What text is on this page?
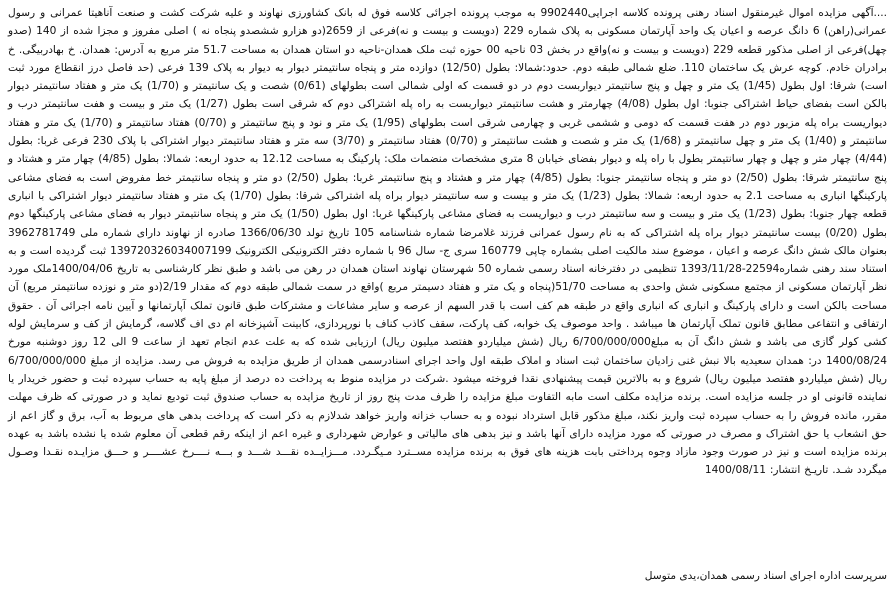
....آگهی مزایده اموال غیرمنقول اسناد رهنی پرونده کلاسه اجرایی9902440 به موجب پرونده اجرائی کلاسه فوق له بانک کشاورزی نهاوند و علیه شرکت کشت و صنعت آناهیتا عمرانی و رسول عمرانی(راهن) 6 دانگ عرصه و اعیان یک واحد آپارتمان مسکونی به پلاک شماره 229 (دویست و بیست و نه)فرعی از 2659(دو هزارو ششصدو پنجاه نه ) اصلی مفروز و مجزا شده از 140 (صدو چهل)فرعی از اصلی مذکور قطعه 229 (دویست و بیست و نه)واقع در بخش 03 ناحیه 00 حوزه ثبت ملک همدان-ناحیه دو استان همدان به مساحت 51.7 متر مربع به آدرس: همدان. خ بهادربیگی. خ برادران خادم. کوچه عرش یک ساختمان 110. ضلع شمالی طبقه دوم. حدود:شمالا: بطول (12/50) دوازده متر و پنجاه سانتیمتر دیوار به دیوار به پلاک 139 فرعی (حد فاصل درز انقطاع مورد ثبت است) شرقا: اول بطول (1/45) یک متر و چهل و پنج سانتیمتر دیواربست دوم در دو قسمت که اولی شمالی است بطولهای (0/61) شصت و یک سانتیمتر و (1/70) یک متر و هفتاد سانتیمتر دیوار بالکن است بفضای حیاط اشتراکی جنوبا: اول بطول (4/08) چهارمتر و هشت سانتیمتر دیواربست به راه پله اشتراکی دوم که شرقی است بطول (1/27) یک متر و بیست و هفت سانتیمتر درب و دیواریست براه پله مزبور دوم در هفت قسمت که دومی و ششمی غربی و چهارمی شرقی است بطولهای (1/95) یک متر و نود و پنج سانتیمتر و (0/70) هفتاد سانتیمتر و (1/70) یک متر و هفتاد سانتیمتر و (1/40) یک متر و چهل سانتیمتر و (1/68) یک متر و شصت و هشت سانتیمتر و (0/70) هفتاد سانتیمتر و (3/70) سه متر و هفتاد سانتیمتر دیوار اشتراکی با پلاک 230 فرعی غربا: بطول (4/44) چهار متر و چهل و چهار سانتیمتر بطول با راه پله و دیوار بفضای خیابان 8 متری مشخصات منضمات ملک: پارکینگ به مساحت 12.12 به حدود اربعه: شمالا: بطول (4/85) چهار متر و هشتاد و پنج سانتیمتر شرقا: بطول (2/50) دو متر و پنجاه سانتیمتر جنوبا: بطول (4/85) چهار متر و هشتاد و پنج سانتیمتر غربا: بطول (2/50) دو متر و پنجاه سانتیمتر خط مفروض است به فضای مشاعی پارکینگها انباری به مساحت 2.1 به حدود اربعه: شمالا: بطول (1/23) یک متر و بیست و سه سانتیمتر دیوار براه پله اشتراکی شرقا: بطول (1/70) یک متر و هفتاد سانتیمتر دیوار اشتراکی با انباری قطعه چهار جنوبا: بطول (1/23) یک متر و بیست و سه سانتیمتر درب و دیواریست به فضای مشاعی پارکینگها غربا: اول بطول (1/50) یک متر و پنجاه سانتیمتر دیوار به فضای مشاعی پارکینگها دوم بطول (0/20) بیست سانتیمتر دیوار براه پله اشتراکی که به نام رسول عمرانی فرزند غلامرضا شماره شناسنامه 105 تاریخ تولد 1366/06/30 صادره از نهاوند دارای شماره ملی 3962781749 بعنوان مالک شش دانگ عرصه و اعیان ، موضوع سند مالکیت اصلی بشماره چاپی 160779 سری ج- سال 96 با شماره دفتر الکترونیکی الکترونیک 139720326034007199 ثبت گردیده است و به استناد سند رهنی شماره22594-1393/11/28 تنظیمی در دفترخانه اسناد رسمی شماره 50 شهرستان نهاوند استان همدان در رهن می باشد و طبق نظر کارشناسی به تاریخ 1400/04/06ملک مورد نظر آپارتمان مسکونی از مجتمع مسکونی شش واحدی به مساحت 51/70(پنجاه و یک متر و هفتاد دسیمتر مربع )واقع در سمت شمالی طبقه دوم که مقدار 2/19(دو متر و نوزده سانتیمتر مربع) آن مساحت بالکن است و دارای پارکینگ و انباری که انباری واقع در طبقه هم کف است با قدر السهم از عرصه و سایر مشاعات و مشترکات طبق قانون تملک آپارتمانها و آیین نامه اجرائی آن . حقوق ارتفاقی و انتفاعی مطابق قانون تملک آپارتمان ها میباشد . واحد موصوف یک خوابه، کف پارکت، سقف کاذب کناف با نورپردازی، کابینت آشپزخانه ام دی اف گلاسه، گرمایش از کف و سرمایش لوله کشی کولر گازی می باشد و شش دانگ آن به مبلغ6/700/000/000 ریال (شش میلیاردو هفتصد میلیون ریال) ارزیابی شده که به علت عدم انجام تعهد از ساعت 9 الی 12 روز دوشنبه مورخ 1400/08/24 در: همدان سعیدیه بالا نبش غنی زادیان ساختمان ثبت اسناد و املاک طبقه اول واحد اجرای اسنادرسمی همدان از طریق مزایده به فروش می رسد. مزایده از مبلغ 6/700/000/000 ریال (شش میلیاردو هفتصد میلیون ریال) شروع و به بالاترین قیمت پیشنهادی نقدا فروخته میشود .شرکت در مزایده منوط به پرداخت ده درصد از مبلغ پایه به حساب سپرده ثبت و حضور خریدار یا نماینده قانونی او در جلسه مزایده است. برنده مزایده مکلف است مابه التفاوت مبلغ مزایده را ظرف مدت پنج روز از تاریخ مزایده به حساب صندوق ثبت تودیع نماید و در صورتی که ظرف مهلت مقرر، مانده فروش را به حساب سپرده ثبت واریز نکند، مبلغ مذکور قابل استرداد نبوده و به حساب خزانه واریز خواهد شدلازم به ذکر است که پرداخت بدهی های مربوط به آب، برق و گاز اعم از حق انشعاب یا حق اشتراک و مصرف در صورتی که مورد مزایده دارای آنها باشد و نیز بدهی های مالیاتی و عوارض شهرداری و غیره اعم از اینکه رقم قطعی آن معلوم شده یا نشده باشد به عهده برنده مزایده است و نیز در صورت وجود مازاد وجوه پرداختی بابت هزینه های فوق به برنده مزایده مســترد مـیگـردد. مـــزایــده نقـــد شـــد و بـــه نــــرخ عشــــر و حـــق مزایـده نقـدا وصـول میگردد شـد. تاریـخ انتشار: 1400/08/11
سرپرست اداره اجرای اسناد رسمی همدان،یدی متوسل
